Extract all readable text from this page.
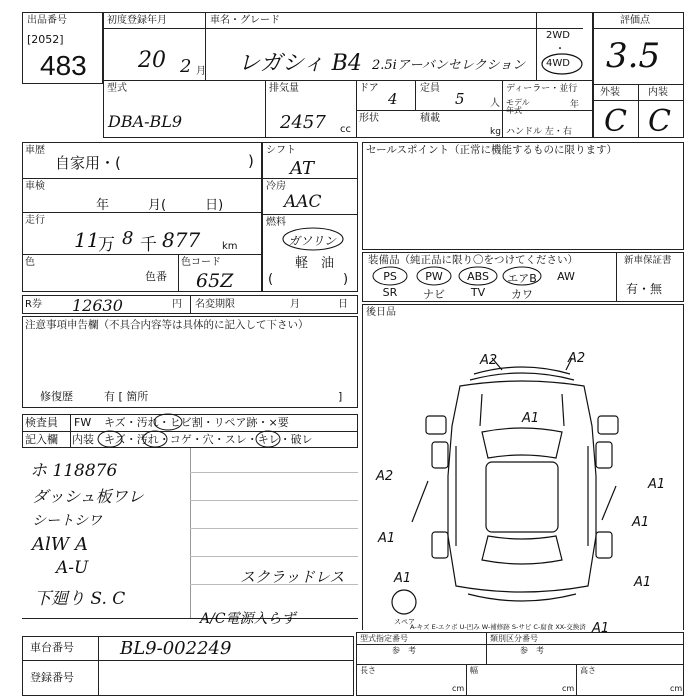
出品番号
[2052]
483
初度登録年月
20 2 月
車名・グレード
レガシィ B4 2.5iアーバンセレクション
2WD
・
4WD
型式
DBA-BL9
排気量
2457 cc
ドア
4
定員
5	人
ディーラー・並行
モデル
年式
年
形状	積載
kg ハンドル 左・右
評価点
3.5
外装	内装
C C
車歴
自家用・(	)
車検
年　　　月(　　　日)
走行
11
万 8 千 877 km
色
色番
シフト
AT
冷房
AAC
燃料
ガソリン
軽　油
(	)
色コード
65Z
R券 12630	円 名変期限	月	日
注意事項申告欄（不具合内容等は具体的に記入して下さい）
修復歴	有 [ 箇所	]
検査員
記入欄
FW
内装
キズ・汚れ・ヒビ割・リペア跡・×要
キズ・汚れ・コゲ・穴・スレ・キレ・破レ
ホ 118876
ダッシュ板ワレ
シートシワ
AlW A
A-U
下廻り S. C
スクラッドレス
A/C電源入らず
セールスポイント（正常に機能するものに限ります）
装備品（純正品に限り〇をつけてください）	新車保証書
有・無
PS	PW	ABS	エアB	AW
SR	ナビ	TV	カワ
後日品
A2	A2
A1
A2
A1
A1
A1
A1	A1
A1
スペア
A-キズ E-エクボ U-凹み W-補修跡 S-サビ C-腐食 XX-交換済
車台番号	BL9-002249
登録番号
型式指定番号
参　考
類別区分番号
参　考
長さ
cm
幅
cm
高さ
cm
